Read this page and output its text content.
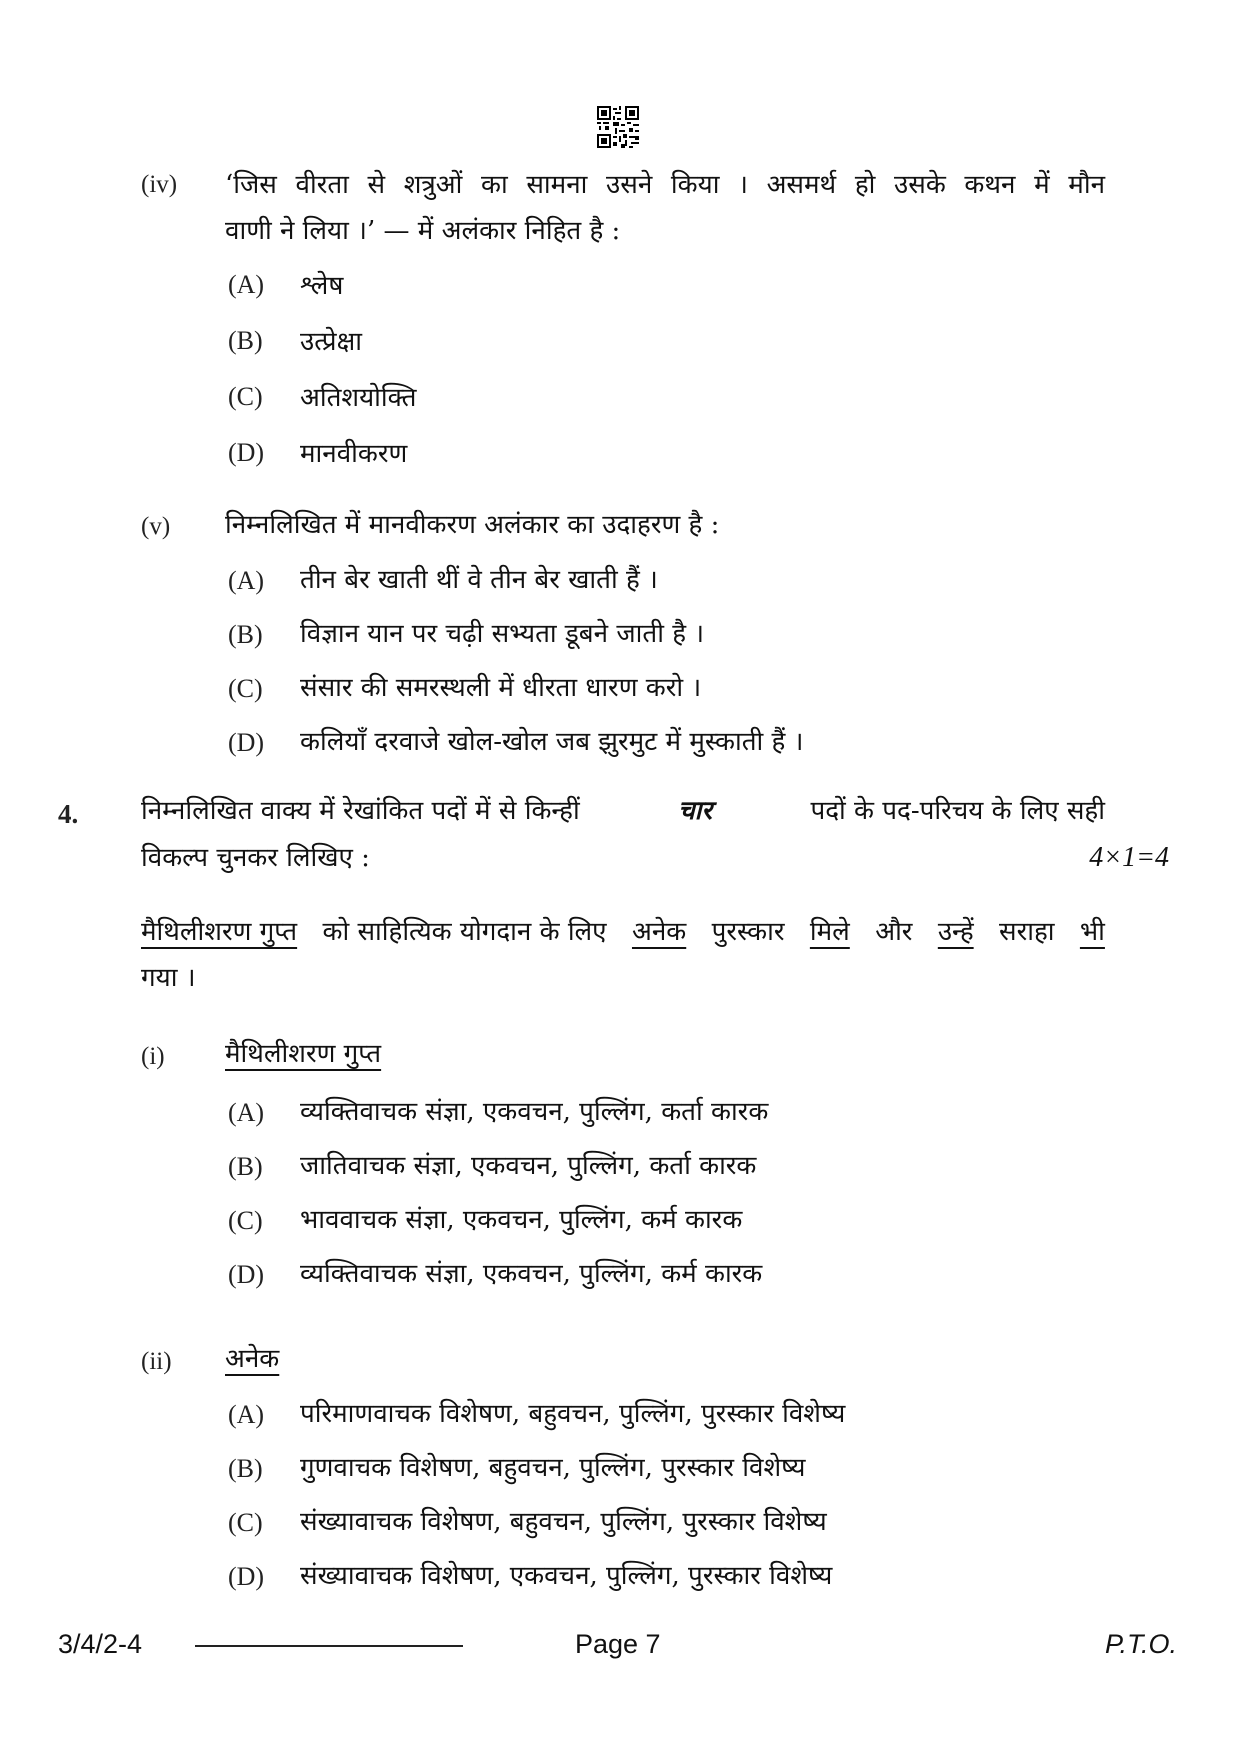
(iv) ‘जिस वीरता से शत्रुओं का सामना उसने किया । असमर्थ हो उसके कथन में मौन
वाणी ने लिया ।’ — में अलंकार निहित है :
(A) श्लेष
(B) उत्प्रेक्षा
(C) अतिशयोक्ति
(D) मानवीकरण
(v) निम्नलिखित में मानवीकरण अलंकार का उदाहरण है :
(A) तीन बेर खाती थीं वे तीन बेर खाती हैं ।
(B) विज्ञान यान पर चढ़ी सभ्यता डूबने जाती है ।
(C) संसार की समरस्थली में धीरता धारण करो ।
(D) कलियाँ दरवाजे खोल-खोल जब झुरमुट में मुस्काती हैं ।
4. निम्नलिखित वाक्य में रेखांकित पदों में से किन्हीं	चार	पदों के पद-परिचय के लिए सही
विकल्प चुनकर लिखिए :	4×1=4
मैथिलीशरण गुप्त को साहित्यिक योगदान के लिए अनेक पुरस्कार मिले और उन्हें सराहा भी
गया ।
(i) मैथिलीशरण गुप्त
(A) व्यक्तिवाचक संज्ञा, एकवचन, पुल्लिंग, कर्ता कारक
(B) जातिवाचक संज्ञा, एकवचन, पुल्लिंग, कर्ता कारक
(C) भाववाचक संज्ञा, एकवचन, पुल्लिंग, कर्म कारक
(D) व्यक्तिवाचक संज्ञा, एकवचन, पुल्लिंग, कर्म कारक
(ii) अनेक
(A) परिमाणवाचक विशेषण, बहुवचन, पुल्लिंग, पुरस्कार विशेष्य
(B) गुणवाचक विशेषण, बहुवचन, पुल्लिंग, पुरस्कार विशेष्य
(C) संख्यावाचक विशेषण, बहुवचन, पुल्लिंग, पुरस्कार विशेष्य
(D) संख्यावाचक विशेषण, एकवचन, पुल्लिंग, पुरस्कार विशेष्य
3/4/2-4	Page 7	P.T.O.
